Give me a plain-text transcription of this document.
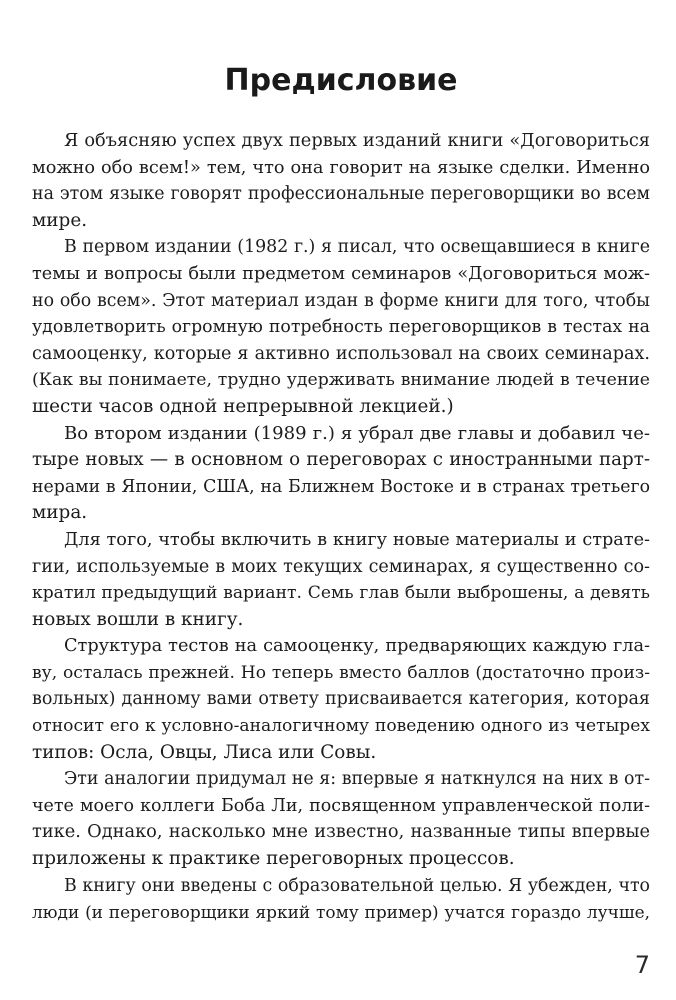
Предисловие

Я объясняю успех двух первых изданий книги «Договориться
можно обо всем!» тем, что она говорит на языке сделки. Именно
на этом языке говорят профессиональные переговорщики во всем
мире.

В первом издании (1982 г.) я писал, что освещавшиеся в книге
темы и вопросы были предметом семинаров «Договориться мож-
но обо всем». Этот материал издан в форме книги для того, чтобы
удовлетворить огромную потребность переговорщиков в тестах на
самооценку, которые я активно использовал на своих семинарах.
(Как вы понимаете, трудно удерживать внимание людей в течение
шести часов одной непрерывной лекцией.)

Во втором издании (1989 г.) я убрал две главы и добавил че-
тыре новых — в основном о переговорах с иностранными парт-
нерами в Японии, США, на Ближнем Востоке и в странах третьего
мира.

Для того, чтобы включить в книгу новые материалы и страте-
гии, используемые в моих текущих семинарах, я существенно со-
кратил предыдущий вариант. Семь глав были выброшены, а девять
новых вошли в книгу.

Структура тестов на самооценку, предваряющих каждую гла-
ву, осталась прежней. Но теперь вместо баллов (достаточно произ-
вольных) данному вами ответу присваивается категория, которая
относит его к условно-аналогичному поведению одного из четырех
типов: Осла, Овцы, Лиса или Совы.

Эти аналогии придумал не я: впервые я наткнулся на них в от-
чете моего коллеги Боба Ли, посвященном управленческой поли-
тике. Однако, насколько мне известно, названные типы впервые
приложены к практике переговорных процессов.

В книгу они введены с образовательной целью. Я убежден, что
люди (и переговорщики яркий тому пример) учатся гораздо лучше,

7
